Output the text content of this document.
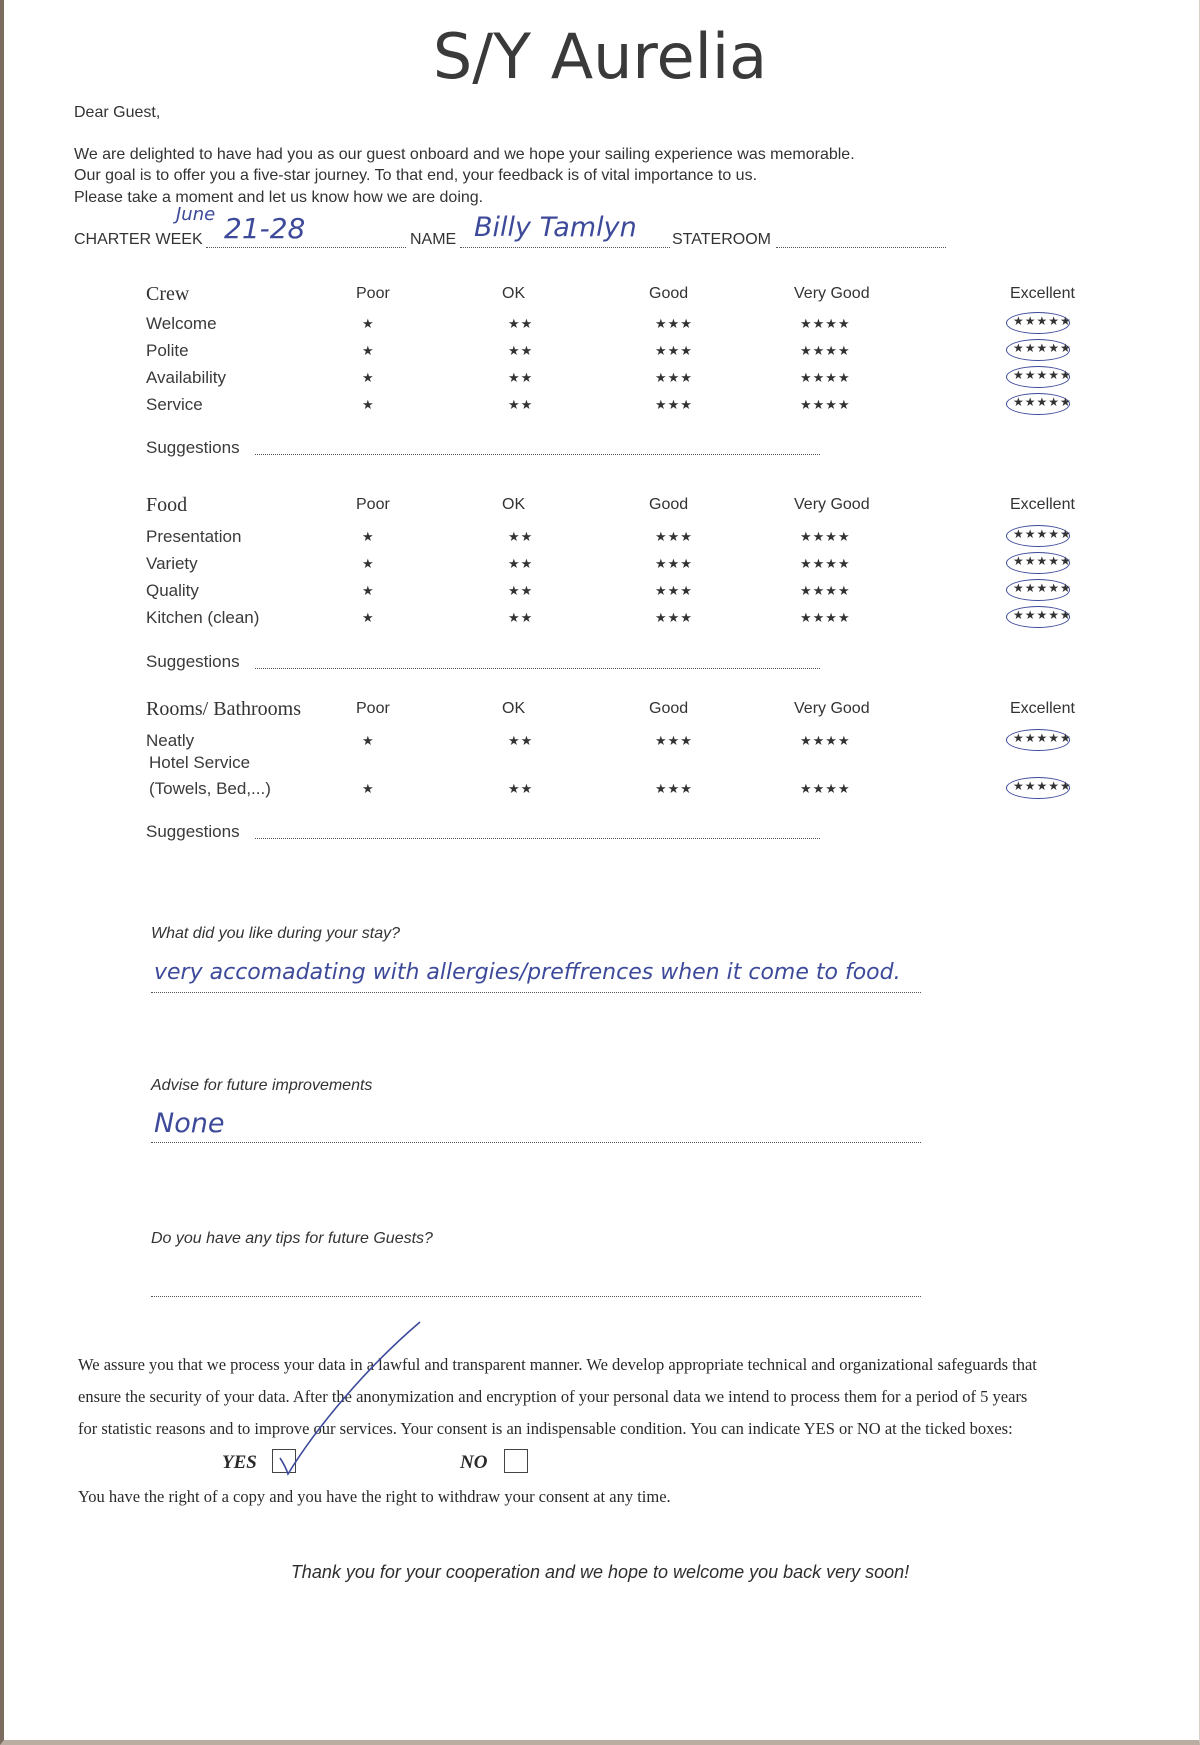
S/Y Aurelia
Dear Guest,
We are delighted to have had you as our guest onboard and we hope your sailing experience was memorable.
Our goal is to offer you a five-star journey. To that end, your feedback is of vital importance to us.
Please take a moment and let us know how we are doing.
CHARTER WEEK
June 21-28	NAME Billy Tamlyn STATEROOM
Crew	Poor	OK	Good	Very Good	Excellent
Welcome	★	★★	★★★	★★★★	★★★★★
Polite	★	★★	★★★	★★★★	★★★★★
Availability	★	★★	★★★	★★★★	★★★★★
Service	★	★★	★★★	★★★★	★★★★★
Suggestions
Food	Poor	OK	Good	Very Good	Excellent
Presentation	★	★★	★★★	★★★★	★★★★★
Variety	★	★★	★★★	★★★★	★★★★★
Quality	★	★★	★★★	★★★★	★★★★★
Kitchen (clean)	★	★★	★★★	★★★★	★★★★★
Suggestions
Rooms/ Bathrooms	Poor	OK	Good	Very Good	Excellent
Neatly	★	★★	★★★	★★★★	★★★★★
Hotel Service
(Towels, Bed,...)	★	★★	★★★	★★★★	★★★★★
Suggestions
What did you like during your stay?
very accomadating with allergies/preffrences when it come to food.
Advise for future improvements
None
Do you have any tips for future Guests?
We assure you that we process your data in a lawful and transparent manner. We develop appropriate technical and organizational safeguards that
ensure the security of your data. After the anonymization and encryption of your personal data we intend to process them for a period of 5 years
for statistic reasons and to improve our services. Your consent is an indispensable condition. You can indicate YES or NO at the ticked boxes:
YES	NO
You have the right of a copy and you have the right to withdraw your consent at any time.
Thank you for your cooperation and we hope to welcome you back very soon!
